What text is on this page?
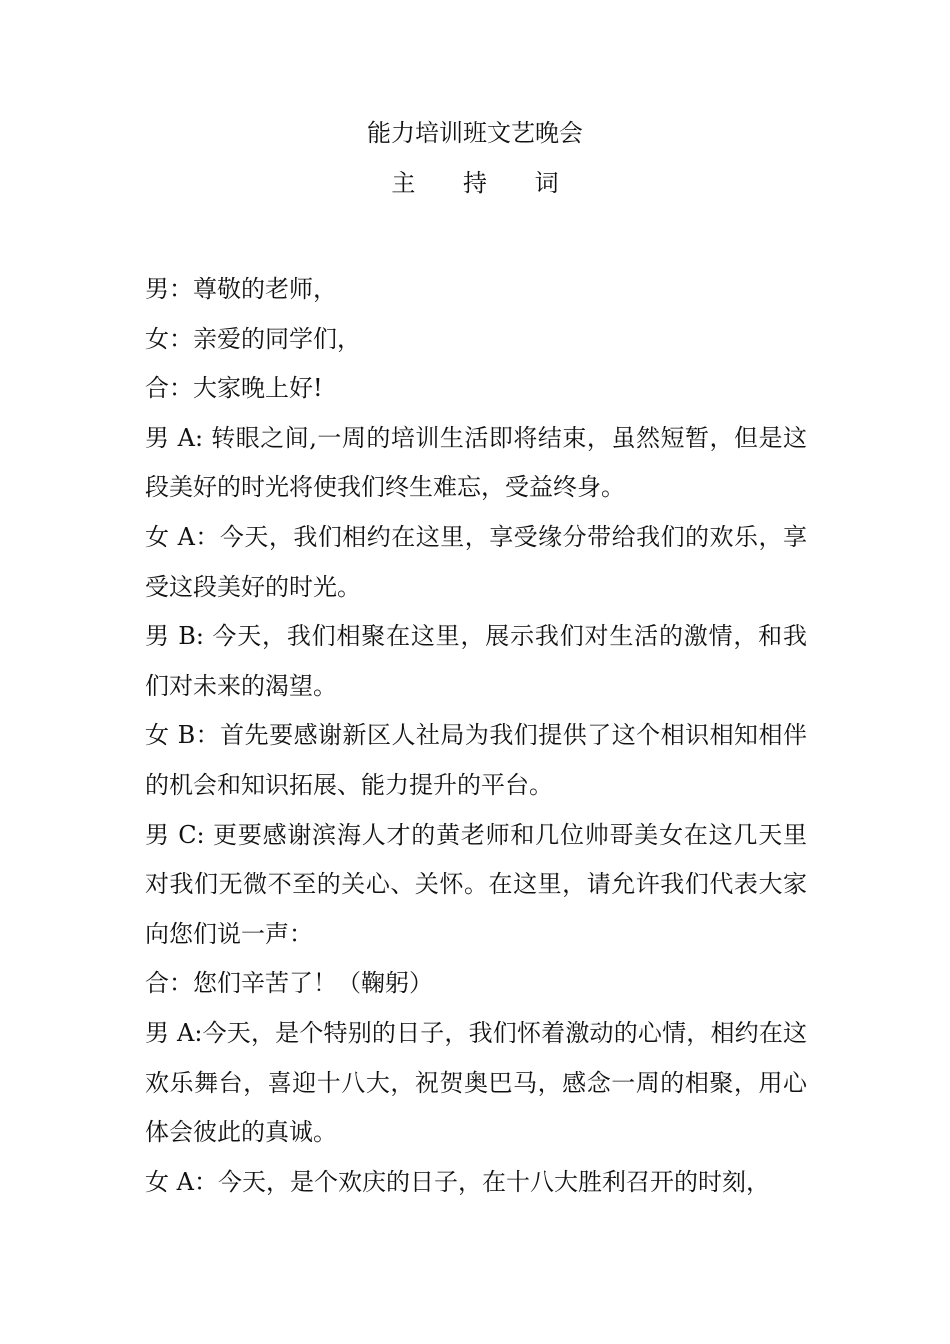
能力培训班文艺晚会
主 持 词

男：尊敬的老师，

女：亲爱的同学们，

合：大家晚上好!

男 A: 转眼之间,一周的培训生活即将结束，虽然短暂，但是这段美好的时光将使我们终生难忘，受益终身。

女 A：今天，我们相约在这里，享受缘分带给我们的欢乐，享受这段美好的时光。

男 B: 今天，我们相聚在这里，展示我们对生活的激情，和我们对未来的渴望。

女 B：首先要感谢新区人社局为我们提供了这个相识相知相伴的机会和知识拓展、能力提升的平台。

男 C: 更要感谢滨海人才的黄老师和几位帅哥美女在这几天里对我们无微不至的关心、关怀。在这里，请允许我们代表大家向您们说一声：

合：您们辛苦了！（鞠躬）

男 A:今天，是个特别的日子，我们怀着激动的心情，相约在这欢乐舞台，喜迎十八大，祝贺奥巴马，感念一周的相聚，用心体会彼此的真诚。

女 A：今天，是个欢庆的日子，在十八大胜利召开的时刻，
